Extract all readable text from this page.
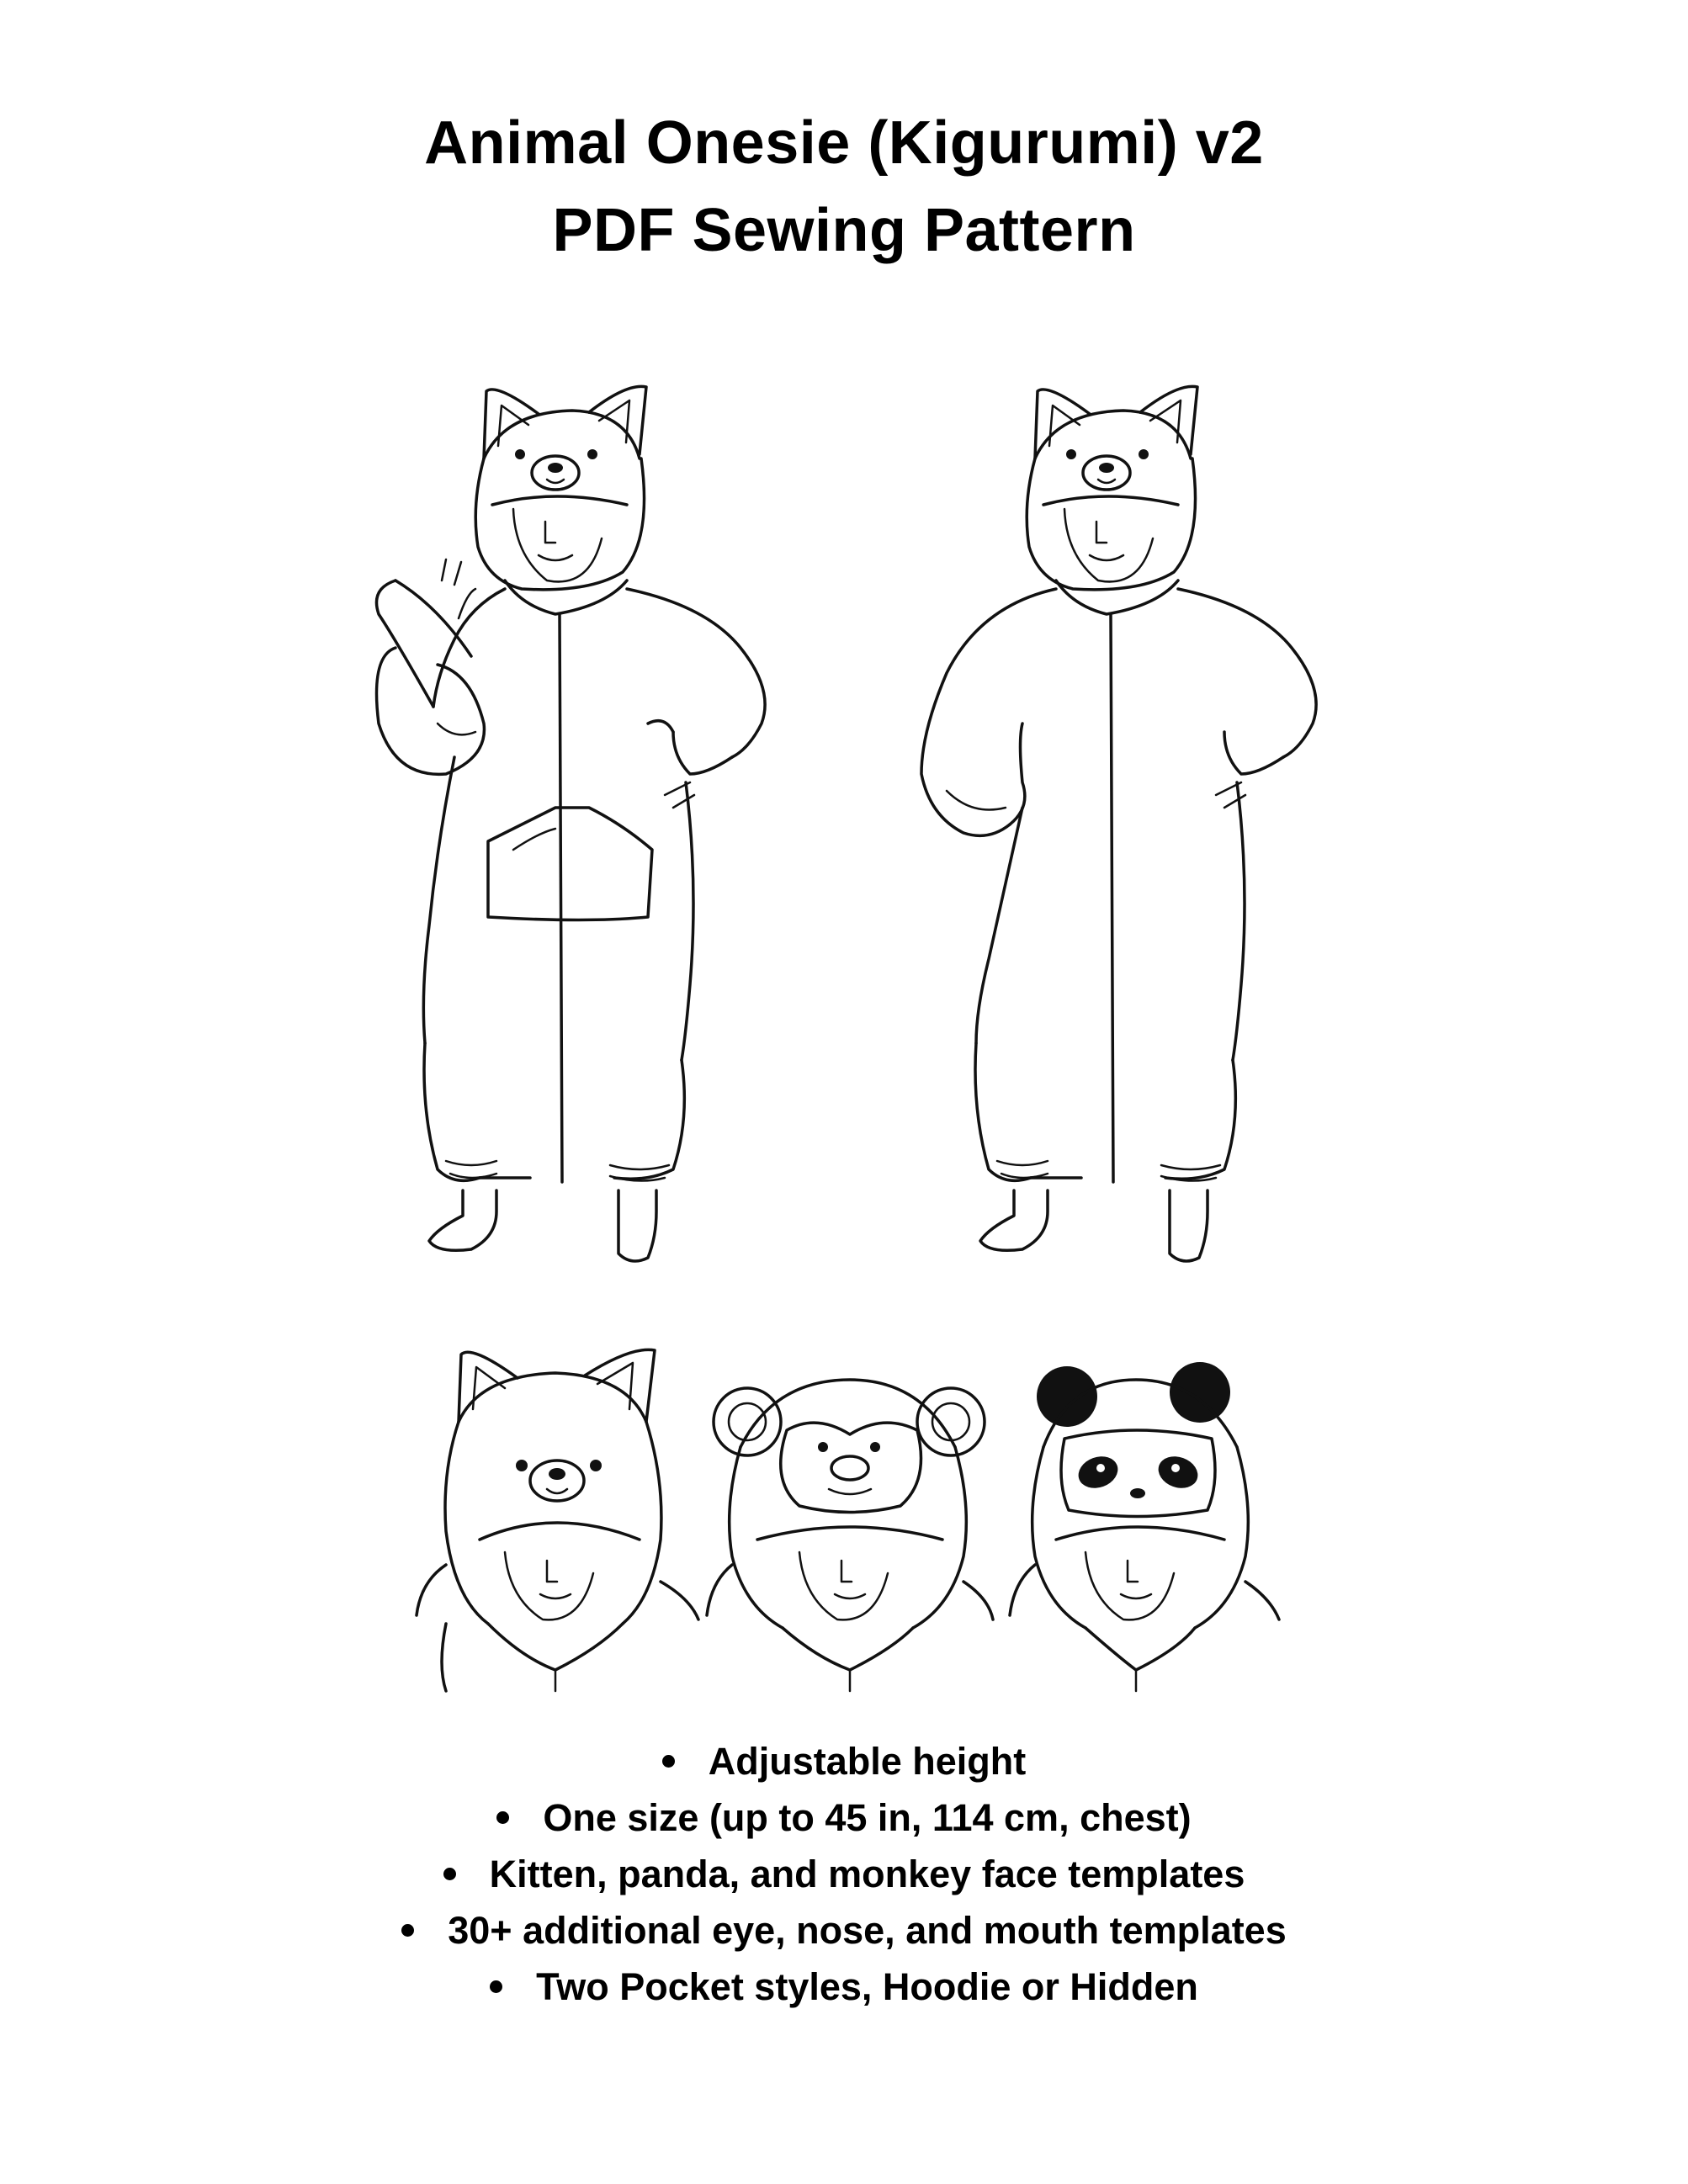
Animal Onesie (Kigurumi) v2
PDF Sewing Pattern
Adjustable height
One size (up to 45 in, 114 cm, chest)
Kitten, panda, and monkey face templates
30+ additional eye, nose, and mouth templates
Two Pocket styles, Hoodie or Hidden
